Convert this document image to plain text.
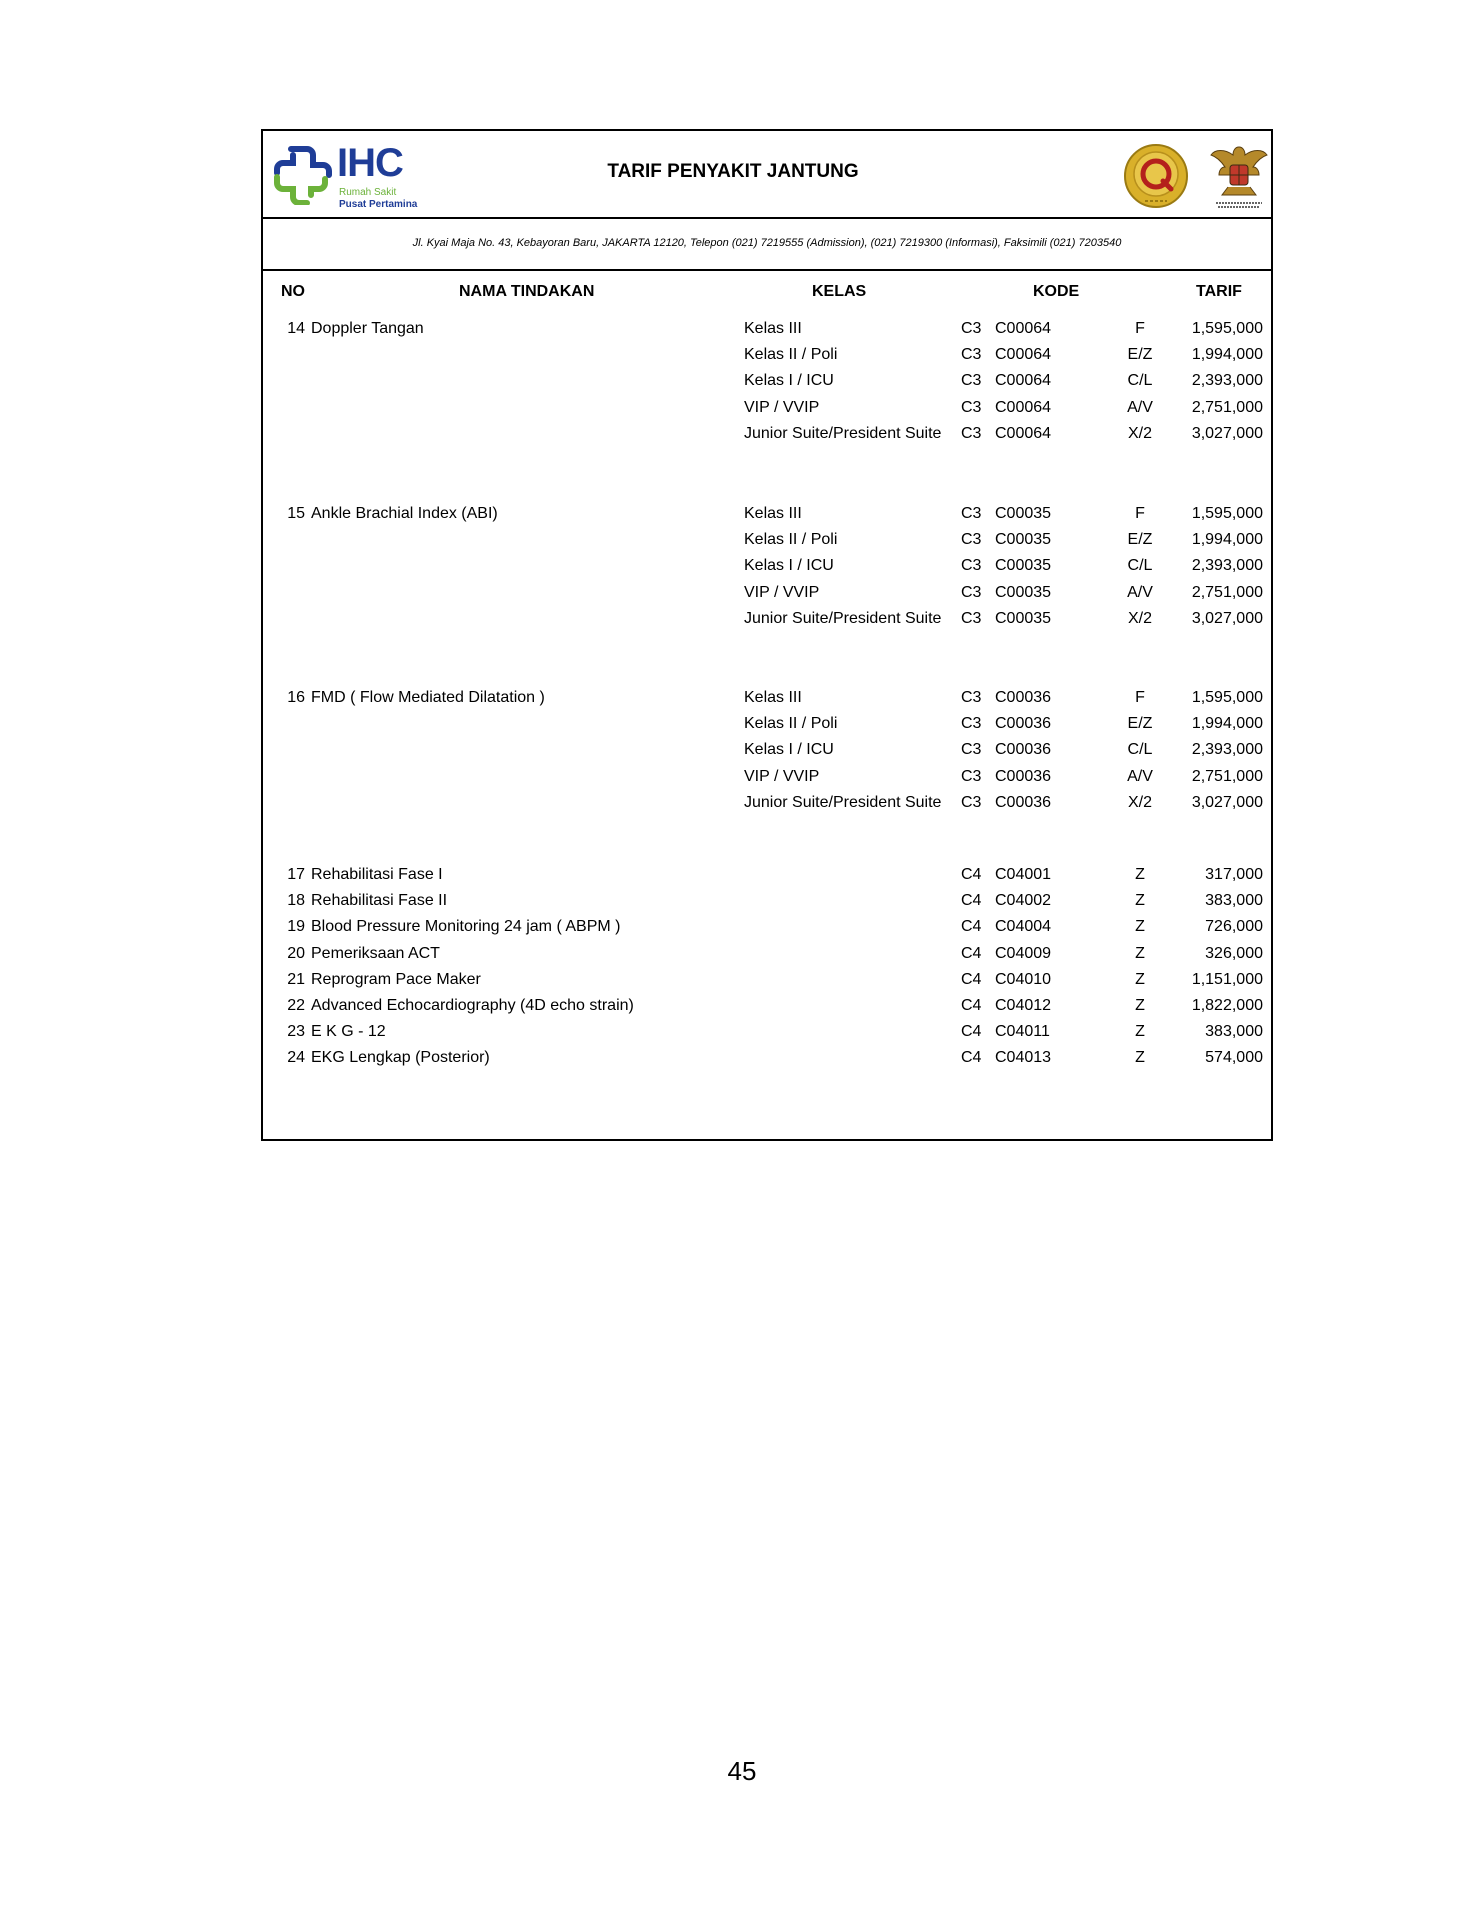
IHC
Rumah Sakit
Pusat Pertamina
TARIF PENYAKIT JANTUNG
Jl. Kyai Maja No. 43, Kebayoran Baru, JAKARTA 12120, Telepon (021) 7219555 (Admission), (021) 7219300 (Informasi), Faksimili (021) 7203540
NO	NAMA TINDAKAN	KELAS	KODE	TARIF
14 Doppler Tangan	Kelas III	C3 C00064	F	1,595,000
Kelas II / Poli	C3 C00064	E/Z	1,994,000
Kelas I / ICU	C3 C00064	C/L	2,393,000
VIP / VVIP	C3 C00064	A/V	2,751,000
Junior Suite/President Suite C3 C00064	X/2	3,027,000
15 Ankle Brachial Index (ABI)	Kelas III	C3 C00035	F	1,595,000
Kelas II / Poli	C3 C00035	E/Z	1,994,000
Kelas I / ICU	C3 C00035	C/L	2,393,000
VIP / VVIP	C3 C00035	A/V	2,751,000
Junior Suite/President Suite C3 C00035	X/2	3,027,000
16 FMD ( Flow Mediated Dilatation )	Kelas III	C3 C00036	F	1,595,000
Kelas II / Poli	C3 C00036	E/Z	1,994,000
Kelas I / ICU	C3 C00036	C/L	2,393,000
VIP / VVIP	C3 C00036	A/V	2,751,000
Junior Suite/President Suite C3 C00036	X/2	3,027,000
17 Rehabilitasi Fase I	C4 C04001	Z	317,000
18 Rehabilitasi Fase II	C4 C04002	Z	383,000
19 Blood Pressure Monitoring 24 jam ( ABPM )	C4 C04004	Z	726,000
20 Pemeriksaan ACT	C4 C04009	Z	326,000
21 Reprogram Pace Maker	C4 C04010	Z	1,151,000
22 Advanced Echocardiography (4D echo strain)	C4 C04012	Z	1,822,000
23 E K G - 12	C4 C04011	Z	383,000
24 EKG Lengkap (Posterior)	C4 C04013	Z	574,000
45
